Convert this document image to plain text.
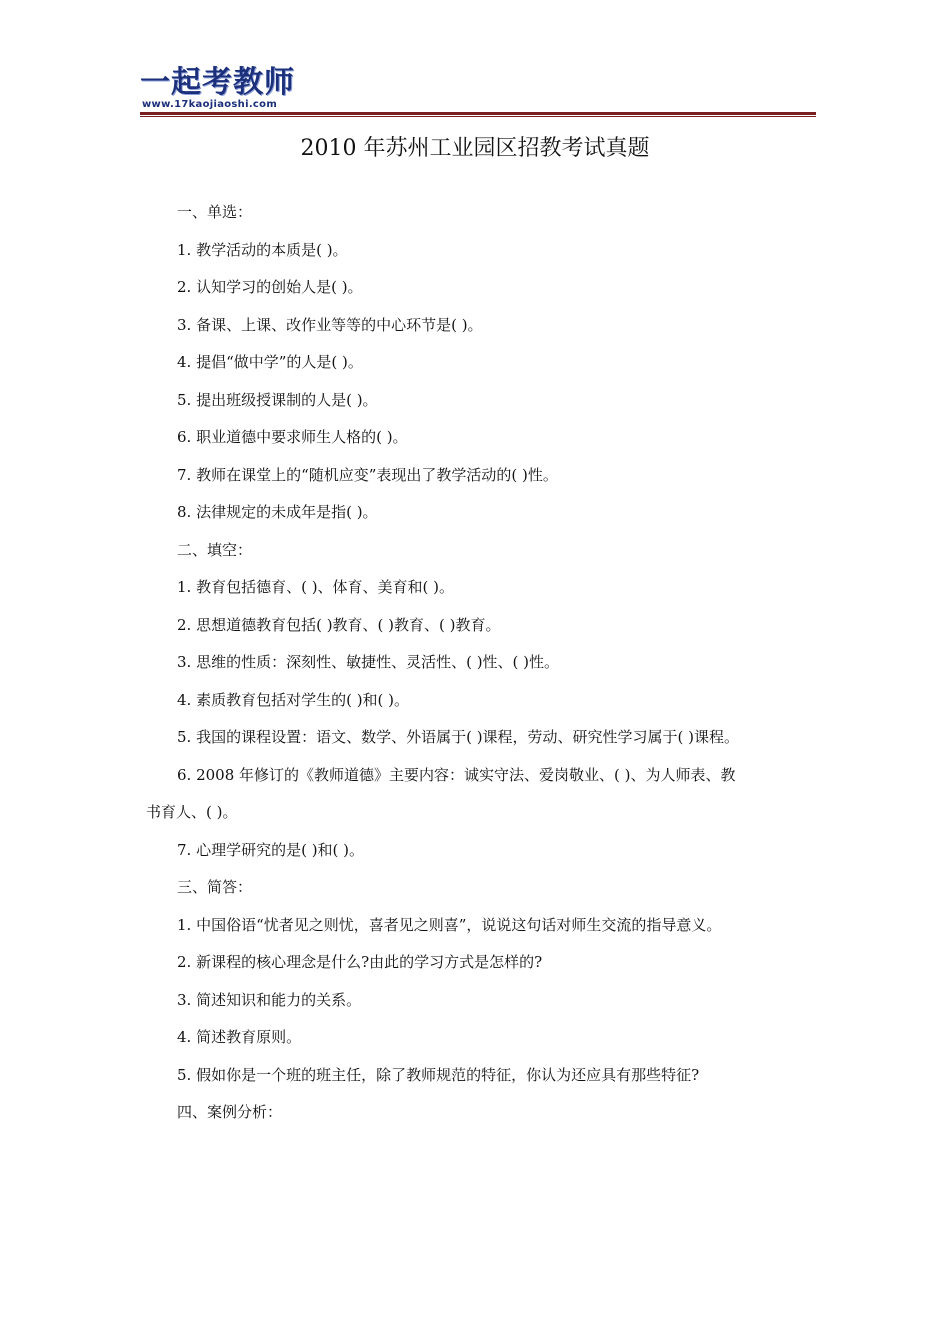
一起考教师
www.17kaojiaoshi.com
2010 年苏州工业园区招教考试真题
一、单选：
1. 教学活动的本质是( )。
2. 认知学习的创始人是( )。
3. 备课、上课、改作业等等的中心环节是( )。
4. 提倡“做中学”的人是( )。
5. 提出班级授课制的人是( )。
6. 职业道德中要求师生人格的( )。
7. 教师在课堂上的“随机应变”表现出了教学活动的( )性。
8. 法律规定的未成年是指( )。
二、填空：
1. 教育包括德育、( )、体育、美育和( )。
2. 思想道德教育包括( )教育、( )教育、( )教育。
3. 思维的性质：深刻性、敏捷性、灵活性、( )性、( )性。
4. 素质教育包括对学生的( )和( )。
5. 我国的课程设置：语文、数学、外语属于( )课程，劳动、研究性学习属于( )课程。
6. 2008 年修订的《教师道德》主要内容：诚实守法、爱岗敬业、( )、为人师表、教
书育人、( )。
7. 心理学研究的是( )和( )。
三、简答：
1. 中国俗语“忧者见之则忧，喜者见之则喜”，说说这句话对师生交流的指导意义。
2. 新课程的核心理念是什么?由此的学习方式是怎样的?
3. 简述知识和能力的关系。
4. 简述教育原则。
5. 假如你是一个班的班主任，除了教师规范的特征，你认为还应具有那些特征?
四、案例分析：
